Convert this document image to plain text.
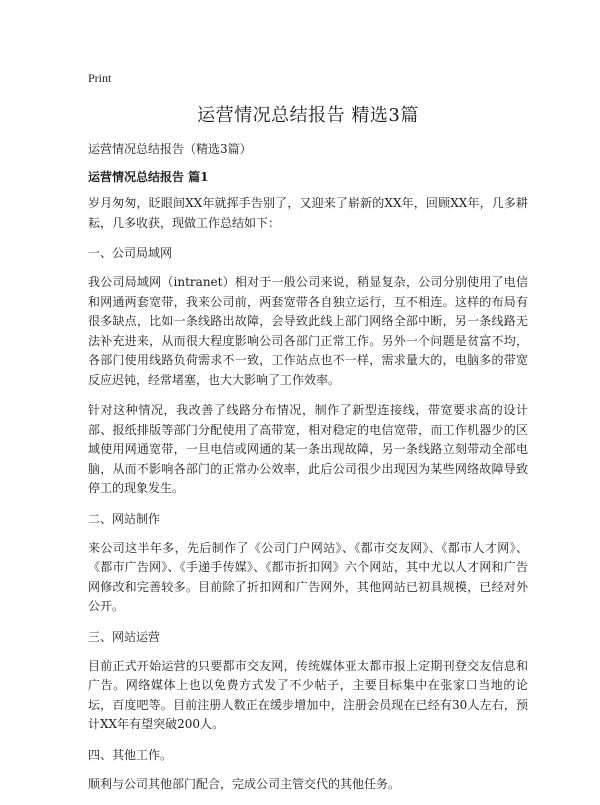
Print
运营情况总结报告 精选3篇

运营情况总结报告（精选3篇）

运营情况总结报告 篇1

岁月匆匆，眨眼间XX年就挥手告别了，又迎来了崭新的XX年，回顾XX年，几多耕耘，几多收获，现做工作总结如下：

一、公司局域网

我公司局域网（intranet）相对于一般公司来说，稍显复杂，公司分别使用了电信和网通两套宽带，我来公司前，两套宽带各自独立运行，互不相连。这样的布局有很多缺点，比如一条线路出故障，会导致此线上部门网络全部中断，另一条线路无法补充进来，从而很大程度影响公司各部门正常工作。另外一个问题是贫富不均，各部门使用线路负荷需求不一致，工作站点也不一样，需求量大的，电脑多的带宽反应迟钝，经常堵塞，也大大影响了工作效率。

针对这种情况，我改善了线路分布情况，制作了新型连接线，带宽要求高的设计部、报纸排版等部门分配使用了高带宽，相对稳定的电信宽带，而工作机器少的区域使用网通宽带，一旦电信或网通的某一条出现故障，另一条线路立刻带动全部电脑，从而不影响各部门的正常办公效率，此后公司很少出现因为某些网络故障导致停工的现象发生。

二、网站制作

来公司这半年多，先后制作了《公司门户网站》、《都市交友网》、《都市人才网》、《都市广告网》、《手递手传媒》、《都市折扣网》六个网站，其中尤以人才网和广告网修改和完善较多。目前除了折扣网和广告网外，其他网站已初具规模，已经对外公开。

三、网站运营

目前正式开始运营的只要都市交友网，传统媒体亚太都市报上定期刊登交友信息和广告。网络媒体上也以免费方式发了不少帖子，主要目标集中在张家口当地的论坛，百度吧等。目前注册人数正在缓步增加中，注册会员现在已经有30人左右，预计XX年有望突破200人。

四、其他工作。

顺利与公司其他部门配合，完成公司主管交代的其他任务。
